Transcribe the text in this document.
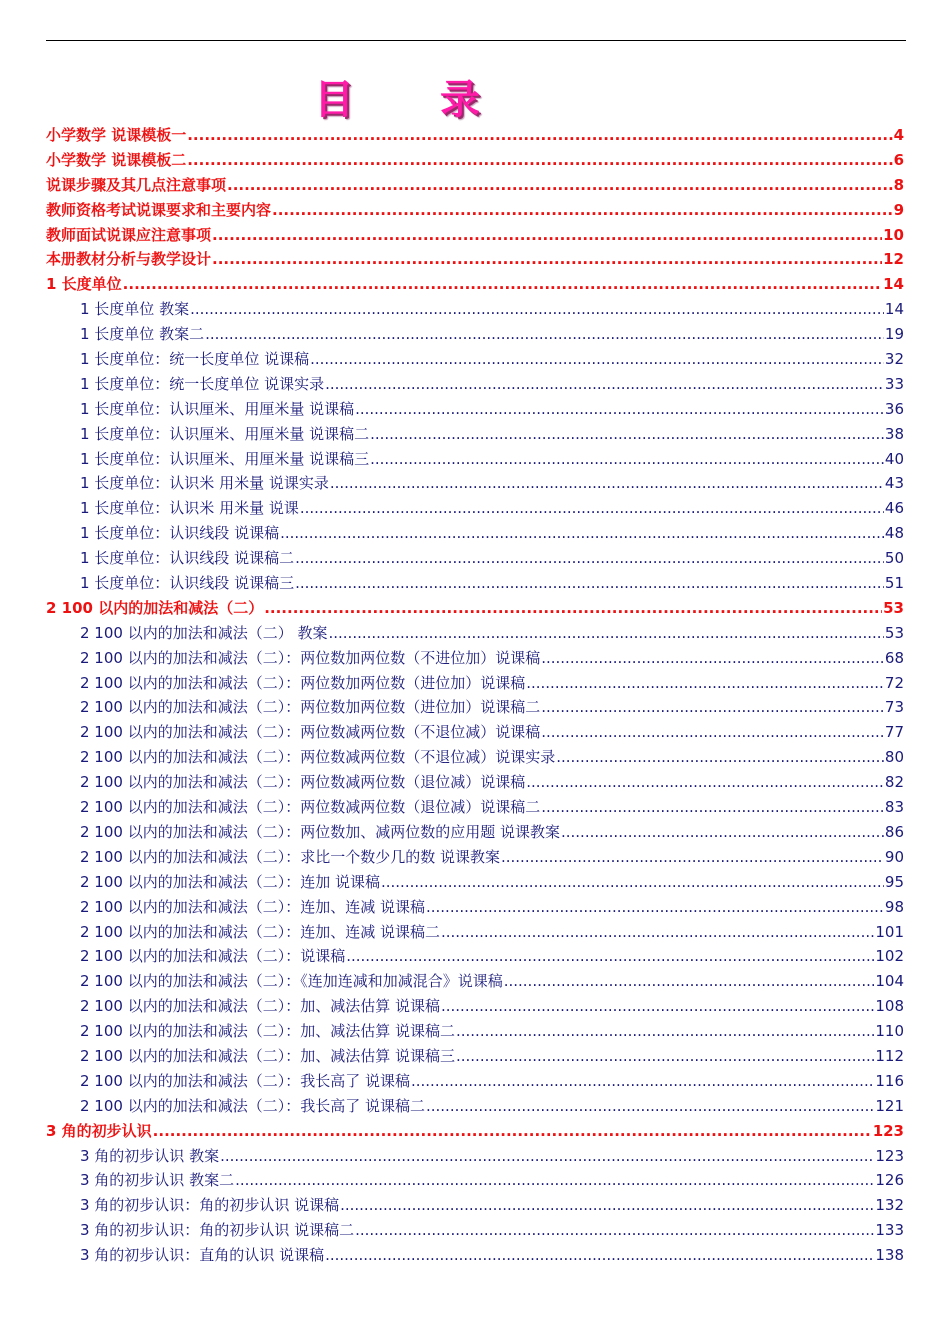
目 录
小学数学 说课模板一 .....	4
小学数学 说课模板二 .....	6
说课步骤及其几点注意事项 .....	8
教师资格考试说课要求和主要内容 .....	9
教师面试说课应注意事项 .....	10
本册教材分析与教学设计 .....	12
1 长度单位 .....	14
1 长度单位 教案 .....	14
1 长度单位 教案二 .....	19
1 长度单位：统一长度单位 说课稿 .....	32
1 长度单位：统一长度单位 说课实录 .....	33
1 长度单位：认识厘米、用厘米量 说课稿 .....	36
1 长度单位：认识厘米、用厘米量 说课稿二 .....	38
1 长度单位：认识厘米、用厘米量 说课稿三 .....	40
1 长度单位：认识米 用米量 说课实录 .....	43
1 长度单位：认识米 用米量 说课 .....	46
1 长度单位：认识线段 说课稿 .....	48
1 长度单位：认识线段 说课稿二 .....	50
1 长度单位：认识线段 说课稿三 .....	51
2 100 以内的加法和减法（二） .....	53
2 100 以内的加法和减法（二） 教案 .....	53
2 100 以内的加法和减法（二）：两位数加两位数（不进位加）说课稿 .....	68
2 100 以内的加法和减法（二）：两位数加两位数（进位加）说课稿 .....	72
2 100 以内的加法和减法（二）：两位数加两位数（进位加）说课稿二 .....	73
2 100 以内的加法和减法（二）：两位数减两位数（不退位减）说课稿 .....	77
2 100 以内的加法和减法（二）：两位数减两位数（不退位减）说课实录 .....	80
2 100 以内的加法和减法（二）：两位数减两位数（退位减）说课稿 .....	82
2 100 以内的加法和减法（二）：两位数减两位数（退位减）说课稿二 .....	83
2 100 以内的加法和减法（二）：两位数加、减两位数的应用题 说课教案 .....	86
2 100 以内的加法和减法（二）：求比一个数少几的数 说课教案 .....	90
2 100 以内的加法和减法（二）：连加 说课稿 .....	95
2 100 以内的加法和减法（二）：连加、连减 说课稿 .....	98
2 100 以内的加法和减法（二）：连加、连减 说课稿二 .....	101
2 100 以内的加法和减法（二）：说课稿 .....	102
2 100 以内的加法和减法（二）：《连加连减和加减混合》说课稿 .....	104
2 100 以内的加法和减法（二）：加、减法估算 说课稿 .....	108
2 100 以内的加法和减法（二）：加、减法估算 说课稿二 .....	110
2 100 以内的加法和减法（二）：加、减法估算 说课稿三 .....	112
2 100 以内的加法和减法（二）：我长高了 说课稿 .....	116
2 100 以内的加法和减法（二）：我长高了 说课稿二 .....	121
3 角的初步认识 .....	123
3 角的初步认识 教案 .....	123
3 角的初步认识 教案二 .....	126
3 角的初步认识：角的初步认识 说课稿 .....	132
3 角的初步认识：角的初步认识 说课稿二 .....	133
3 角的初步认识：直角的认识 说课稿 .....	138
